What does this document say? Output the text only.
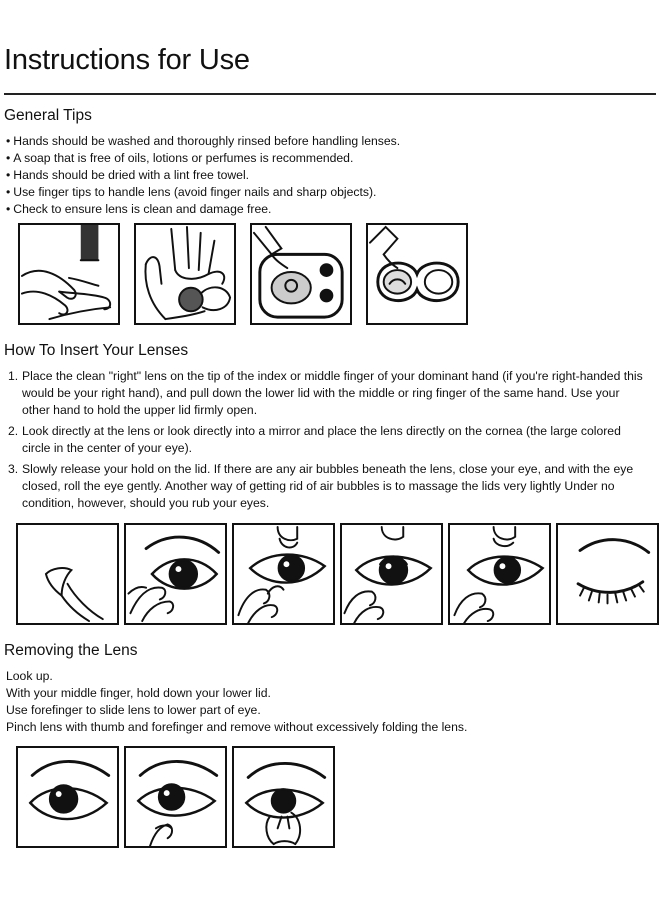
Instructions for Use
General Tips
• Hands should be washed and thoroughly rinsed before handling lenses.
• A soap that is free of oils, lotions or perfumes is recommended.
• Hands should be dried with a lint free towel.
• Use finger tips to handle lens (avoid finger nails and sharp objects).
• Check to ensure lens is clean and damage free.
How To Insert Your Lenses
1. Place the clean "right" lens on the tip of the index or middle finger of your dominant hand (if you're right-handed this would be your right hand), and pull down the lower lid with the middle or ring finger of the same hand. Use your other hand to hold the upper lid firmly open.
2. Look directly at the lens or look directly into a mirror and place the lens directly on the cornea (the large colored circle in the center of your eye).
3. Slowly release your hold on the lid. If there are any air bubbles beneath the lens, close your eye, and with the eye closed, roll the eye gently. Another way of getting rid of air bubbles is to massage the lids very lightly Under no condition, however, should you rub your eyes.
Removing the Lens
Look up.
With your middle finger, hold down your lower lid.
Use forefinger to slide lens to lower part of eye.
Pinch lens with thumb and forefinger and remove without excessively folding the lens.
